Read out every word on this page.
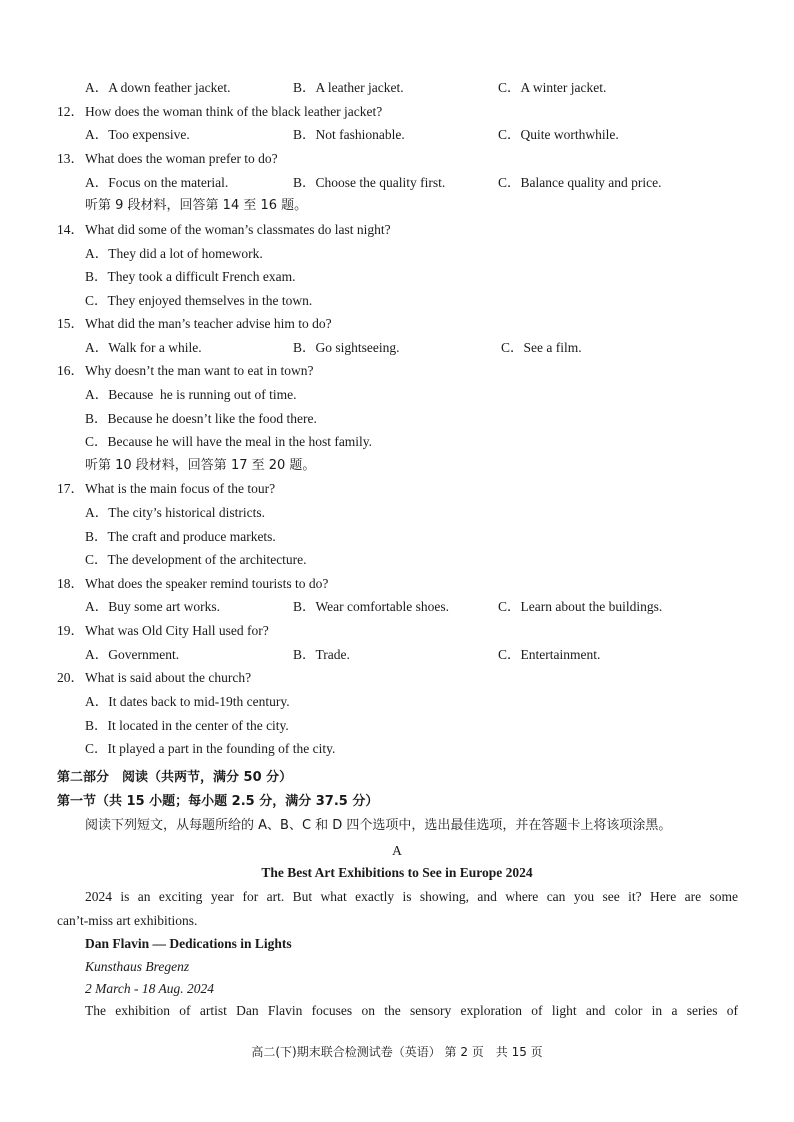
A．A down feather jacket.	B．A leather jacket.	C．A winter jacket.
12． How does the woman think of the black leather jacket?
A．Too expensive.	B．Not fashionable.	C．Quite worthwhile.
13． What does the woman prefer to do?
A．Focus on the material.	B．Choose the quality first.	C．Balance quality and price.
听第 9 段材料，回答第 14 至 16 题。
14． What did some of the woman’s classmates do last night?
A．They did a lot of homework.
B．They took a difficult French exam.
C．They enjoyed themselves in the town.
15． What did the man’s teacher advise him to do?
A．Walk for a while.	B．Go sightseeing.	C．See a film.
16． Why doesn’t the man want to eat in town?
A．Because  he is running out of time.
B．Because he doesn’t like the food there.
C．Because he will have the meal in the host family.
听第 10 段材料，回答第 17 至 20 题。
17． What is the main focus of the tour?
A．The city’s historical districts.
B．The craft and produce markets.
C．The development of the architecture.
18． What does the speaker remind tourists to do?
A．Buy some art works.	B．Wear comfortable shoes.	C．Learn about the buildings.
19． What was Old City Hall used for?
A．Government.	B．Trade.	C．Entertainment.
20． What is said about the church?
A．It dates back to mid-19th century.
B．It located in the center of the city.
C．It played a part in the founding of the city.
第二部分　阅读（共两节，满分 50 分）
第一节（共 15 小题；每小题 2.5 分，满分 37.5 分）
阅读下列短文，从每题所给的 A、B、C 和 D 四个选项中，选出最佳选项，并在答题卡上将该项涂黑。
A
The Best Art Exhibitions to See in Europe 2024
2024 is an exciting year for art. But what exactly is showing, and where can you see it? Here are some
can’t-miss art exhibitions.
Dan Flavin — Dedications in Lights
Kunsthaus Bregenz
2 March - 18 Aug. 2024
The exhibition of artist Dan Flavin focuses on the sensory exploration of light and color in a series of
高二(下)期末联合检测试卷（英语） 第 2 页　共 15 页
